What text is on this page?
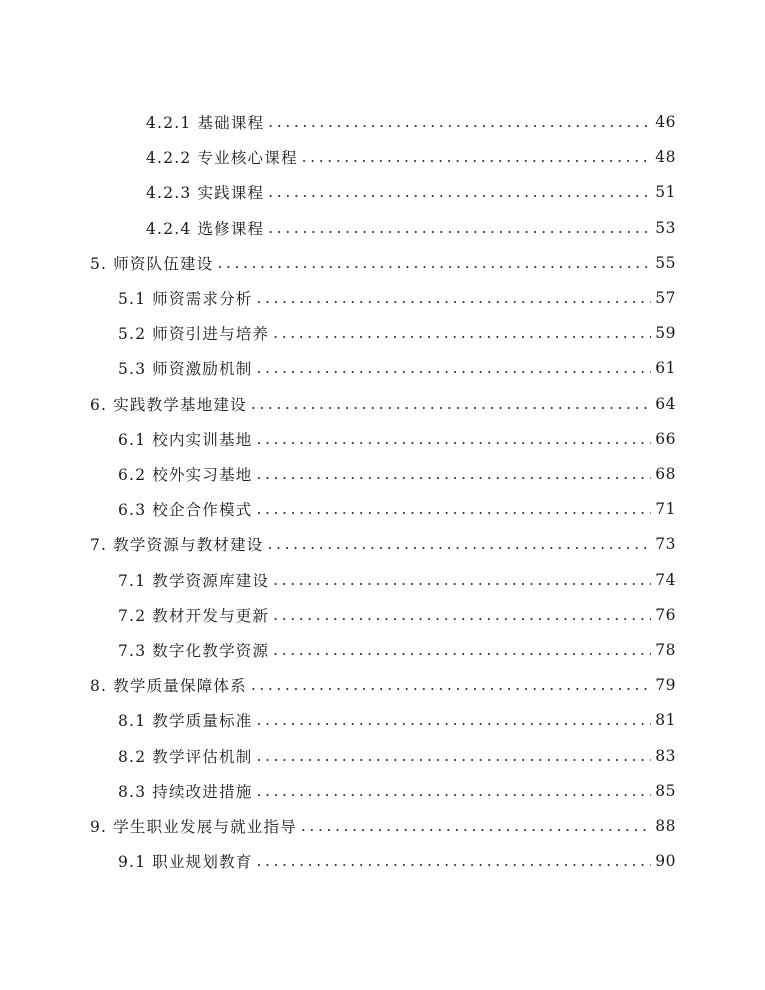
4.2.1 基础课程 .....	46
4.2.2 专业核心课程 .....	48
4.2.3 实践课程 .....	51
4.2.4 选修课程 .....	53
5. 师资队伍建设 .....	55
5.1 师资需求分析 .....	57
5.2 师资引进与培养 .....	59
5.3 师资激励机制 .....	61
6. 实践教学基地建设 .....	64
6.1 校内实训基地 .....	66
6.2 校外实习基地 .....	68
6.3 校企合作模式 .....	71
7. 教学资源与教材建设 .....	73
7.1 教学资源库建设 .....	74
7.2 教材开发与更新 .....	76
7.3 数字化教学资源 .....	78
8. 教学质量保障体系 .....	79
8.1 教学质量标准 .....	81
8.2 教学评估机制 .....	83
8.3 持续改进措施 .....	85
9. 学生职业发展与就业指导 .....	88
9.1 职业规划教育 .....	90
